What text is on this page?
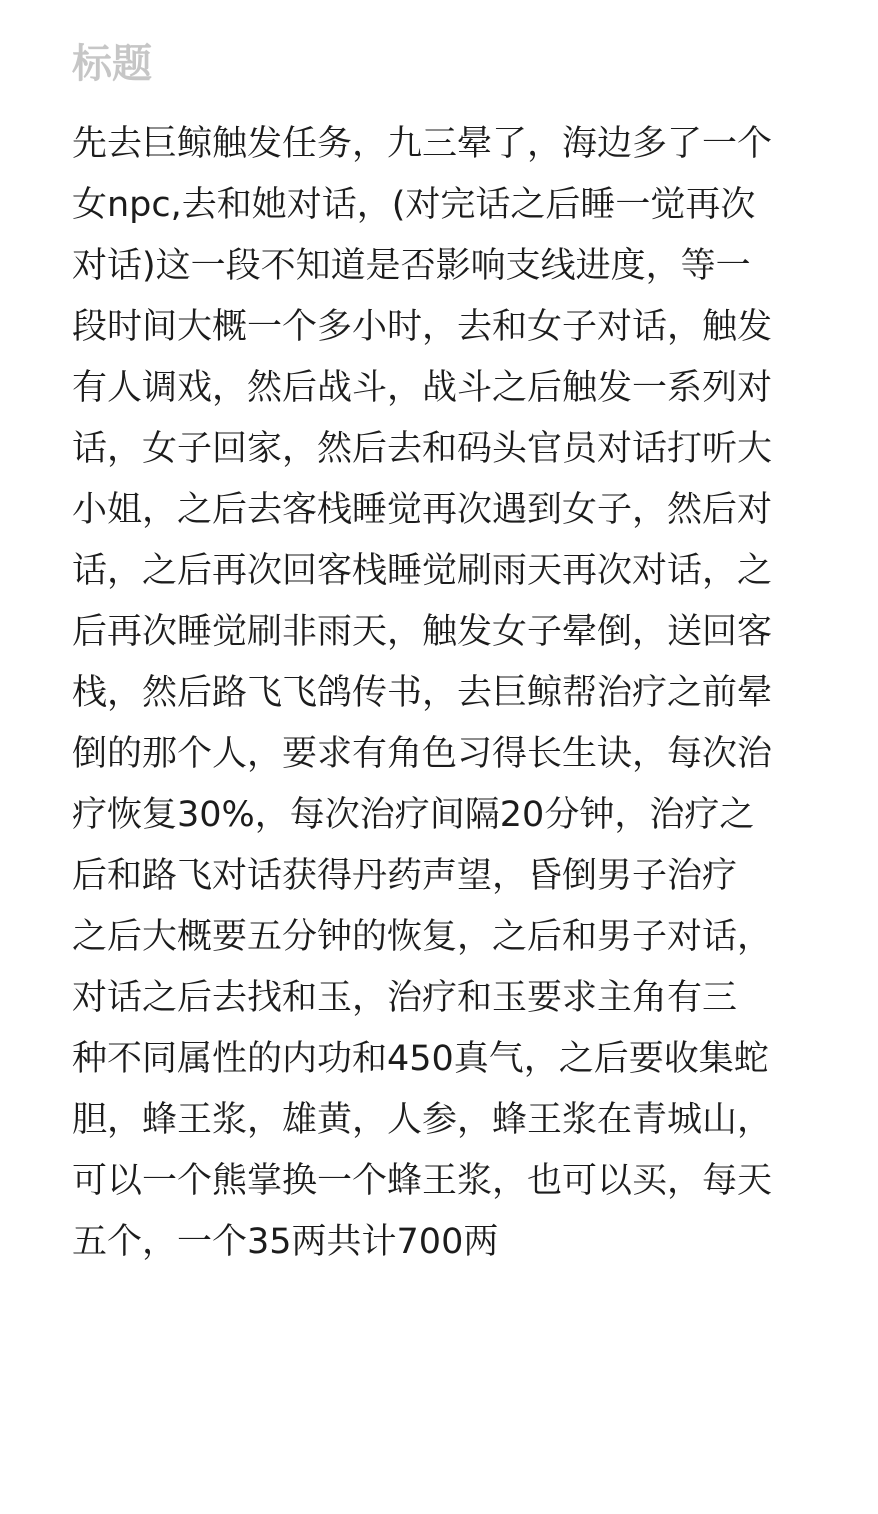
标题
先去巨鲸触发任务，九三晕了，海边多了一个
女npc,去和她对话，(对完话之后睡一觉再次
对话)这一段不知道是否影响支线进度，等一
段时间大概一个多小时，去和女子对话，触发
有人调戏，然后战斗，战斗之后触发一系列对
话，女子回家，然后去和码头官员对话打听大
小姐，之后去客栈睡觉再次遇到女子，然后对
话，之后再次回客栈睡觉刷雨天再次对话，之
后再次睡觉刷非雨天，触发女子晕倒，送回客
栈，然后路飞飞鸽传书，去巨鲸帮治疗之前晕
倒的那个人，要求有角色习得长生诀，每次治
疗恢复30%，每次治疗间隔20分钟，治疗之
后和路飞对话获得丹药声望，昏倒男子治疗
之后大概要五分钟的恢复，之后和男子对话，
对话之后去找和玉，治疗和玉要求主角有三
种不同属性的内功和450真气，之后要收集蛇
胆，蜂王浆，雄黄，人参，蜂王浆在青城山，
可以一个熊掌换一个蜂王浆，也可以买，每天
五个，一个35两共计700两
